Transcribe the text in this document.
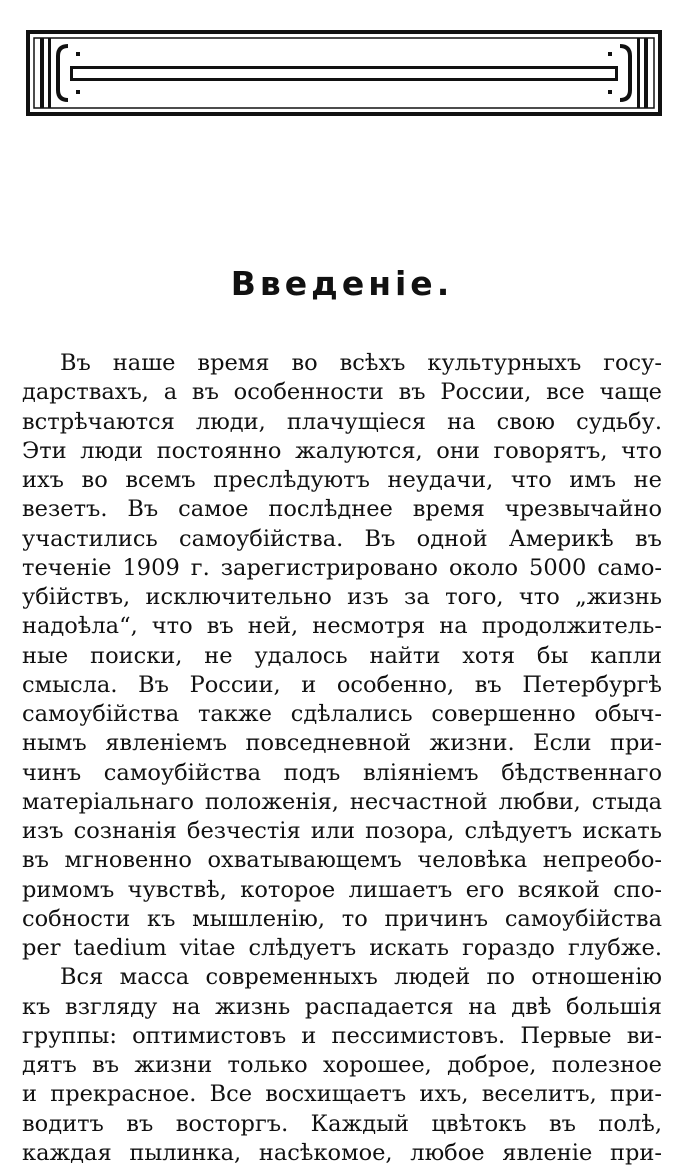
Введенiе.
Въ наше время во всѣхъ культурныхъ госу-
дарствахъ, а въ особенности въ России, все чаще
встрѣчаются люди, плачущiеся на свою судьбу.
Эти люди постоянно жалуются, они говорятъ, что
ихъ во всемъ преслѣдуютъ неудачи, что имъ не
везетъ. Въ самое послѣднее время чрезвычайно
участились самоубiйства. Въ одной Америкѣ въ
теченiе 1909 г. зарегистрировано около 5000 само-
убiйствъ, исключительно изъ за того, что „жизнь
надоѣла“, что въ ней, несмотря на продолжитель-
ные поиски, не удалось найти хотя бы капли
смысла. Въ России, и особенно, въ Петербургѣ
самоубiйства также сдѣлались совершенно обыч-
нымъ явленiемъ повседневной жизни. Если при-
чинъ самоубiйства подъ влiянiемъ бѣдственнаго
матерiальнаго положенiя, несчастной любви, стыда
изъ сознанiя безчестiя или позора, слѣдуетъ искать
въ мгновенно охватывающемъ человѣка непреобо-
римомъ чувствѣ, которое лишаетъ его всякой спо-
собности къ мышленiю, то причинъ самоубiйства
per taedium vitae слѣдуетъ искать гораздо глубже.
Вся масса современныхъ людей по отношенiю
къ взгляду на жизнь распадается на двѣ большiя
группы: оптимистовъ и пессимистовъ. Первые ви-
дятъ въ жизни только хорошее, доброе, полезное
и прекрасное. Все восхищаетъ ихъ, веселитъ, при-
водитъ въ восторгъ. Каждый цвѣтокъ въ полѣ,
каждая пылинка, насѣкомое, любое явленiе при-
